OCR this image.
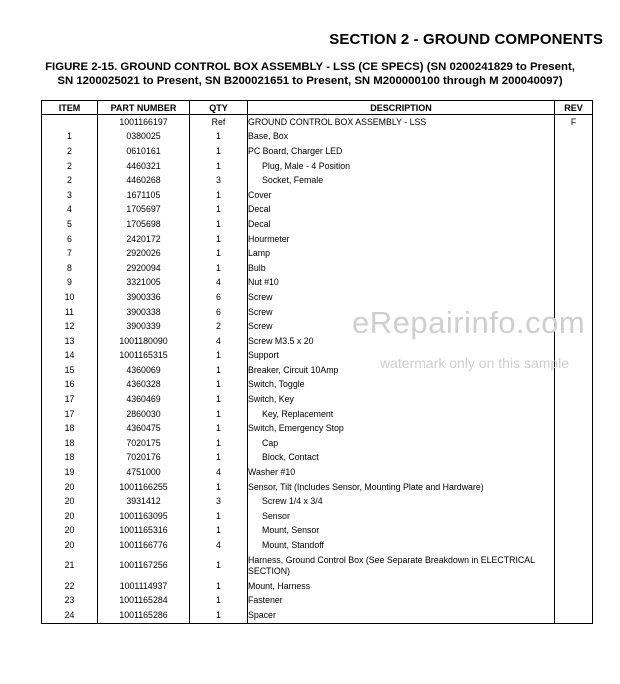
SECTION 2 - GROUND COMPONENTS
FIGURE 2-15. GROUND CONTROL BOX ASSEMBLY - LSS (CE SPECS) (SN 0200241829 to Present,
SN 1200025021 to Present, SN B200021651 to Present, SN M200000100 through M 200040097)
ITEM	PART NUMBER	QTY	DESCRIPTION	REV
	1001166197	Ref	GROUND CONTROL BOX ASSEMBLY - LSS	F
1	0380025	1	Base, Box	
2	0610161	1	PC Board, Charger LED	
2	4460321	1	Plug, Male - 4 Position	
2	4460268	3	Socket, Female	
3	1671105	1	Cover	
4	1705697	1	Decal	
5	1705698	1	Decal	
6	2420172	1	Hourmeter	
7	2920026	1	Lamp	
8	2920094	1	Bulb	
9	3321005	4	Nut #10	
10	3900336	6	Screw	
11	3900338	6	Screw	
12	3900339	2	Screw	
13	1001180090	4	Screw M3.5 x 20	
14	1001165315	1	Support	
15	4360069	1	Breaker, Circuit 10Amp	
16	4360328	1	Switch, Toggle	
17	4360469	1	Switch, Key	
17	2860030	1	Key, Replacement	
18	4360475	1	Switch, Emergency Stop	
18	7020175	1	Cap	
18	7020176	1	Block, Contact	
19	4751000	4	Washer #10	
20	1001166255	1	Sensor, Tilt (Includes Sensor, Mounting Plate and Hardware)	
20	3931412	3	Screw 1/4 x 3/4	
20	1001163095	1	Sensor	
20	1001165316	1	Mount, Sensor	
20	1001166776	4	Mount, Standoff	
21	1001167256	1	Harness, Ground Control Box (See Separate Breakdown in ELECTRICAL SECTION)	
22	1001114937	1	Mount, Harness	
23	1001165284	1	Fastener	
24	1001165286	1	Spacer	
eRepairinfo.com
watermark only on this sample
